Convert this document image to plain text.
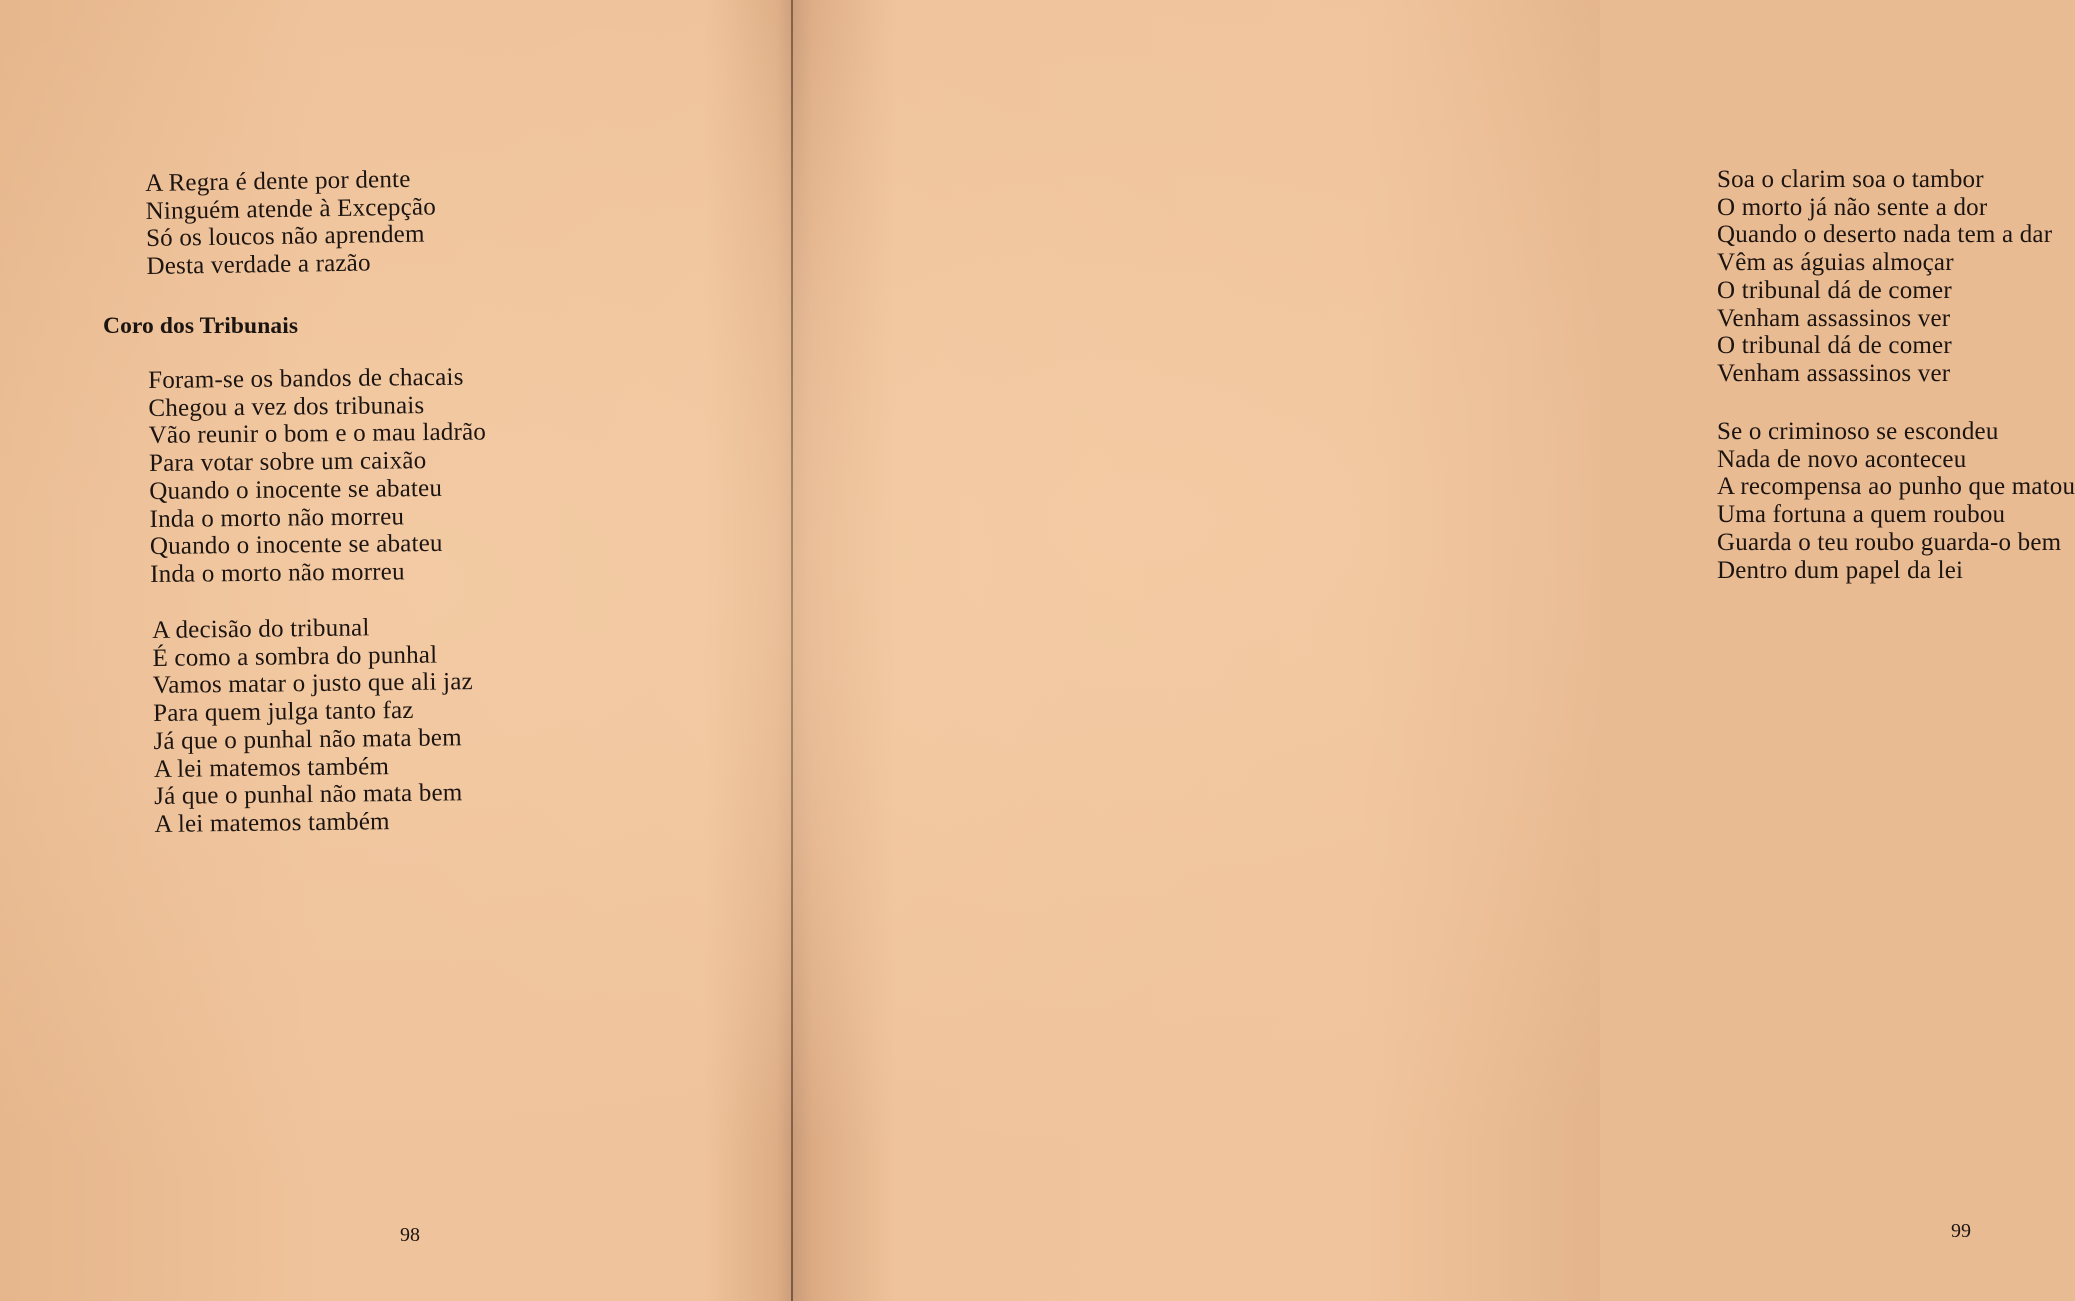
A Regra é dente por dente
Ninguém atende à Excepção
Só os loucos não aprendem
Desta verdade a razão
Coro dos Tribunais
Foram-se os bandos de chacais
Chegou a vez dos tribunais
Vão reunir o bom e o mau ladrão
Para votar sobre um caixão
Quando o inocente se abateu
Inda o morto não morreu
Quando o inocente se abateu
Inda o morto não morreu
A decisão do tribunal
É como a sombra do punhal
Vamos matar o justo que ali jaz
Para quem julga tanto faz
Já que o punhal não mata bem
A lei matemos também
Já que o punhal não mata bem
A lei matemos também
98
Soa o clarim soa o tambor
O morto já não sente a dor
Quando o deserto nada tem a dar
Vêm as águias almoçar
O tribunal dá de comer
Venham assassinos ver
O tribunal dá de comer
Venham assassinos ver
Se o criminoso se escondeu
Nada de novo aconteceu
A recompensa ao punho que matou
Uma fortuna a quem roubou
Guarda o teu roubo guarda-o bem
Dentro dum papel da lei
99
